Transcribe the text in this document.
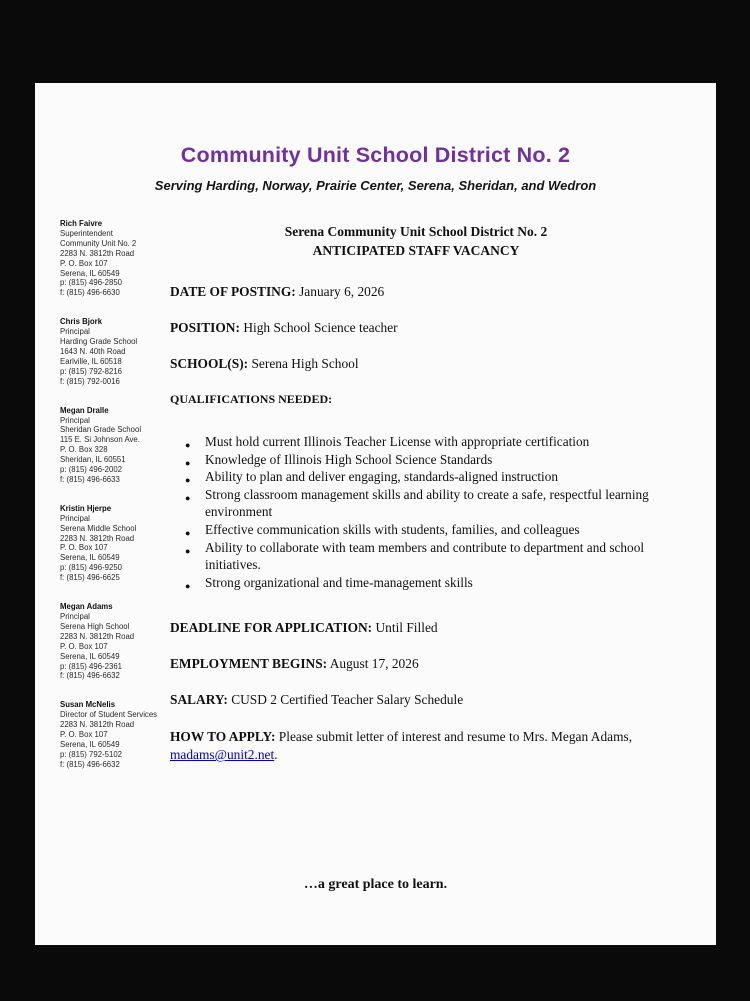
Community Unit School District No. 2
Serving Harding, Norway, Prairie Center, Serena, Sheridan, and Wedron
Rich Faivre
Superintendent
Community Unit No. 2
2283 N. 3812th Road
P. O. Box 107
Serena, IL 60549
p: (815) 496-2850
f: (815) 496-6630
Chris Bjork
Principal
Harding Grade School
1643 N. 40th Road
Earlville, IL 60518
p: (815) 792-8216
f: (815) 792-0016
Megan Dralle
Principal
Sheridan Grade School
115 E. Si Johnson Ave.
P. O. Box 328
Sheridan, IL 60551
p: (815) 496-2002
f: (815) 496-6633
Kristin Hjerpe
Principal
Serena Middle School
2283 N. 3812th Road
P. O. Box 107
Serena, IL 60549
p: (815) 496-9250
f: (815) 496-6625
Megan Adams
Principal
Serena High School
2283 N. 3812th Road
P. O. Box 107
Serena, IL 60549
p: (815) 496-2361
f: (815) 496-6632
Susan McNelis
Director of Student Services
2283 N. 3812th Road
P. O. Box 107
Serena, IL 60549
p: (815) 792-5102
f: (815) 496-6632
Serena Community Unit School District No. 2
ANTICIPATED STAFF VACANCY

DATE OF POSTING: January 6, 2026

POSITION: High School Science teacher

SCHOOL(S): Serena High School

QUALIFICATIONS NEEDED:
● Must hold current Illinois Teacher License with appropriate certification
● Knowledge of Illinois High School Science Standards
● Ability to plan and deliver engaging, standards-aligned instruction
● Strong classroom management skills and ability to create a safe, respectful learning environment
● Effective communication skills with students, families, and colleagues
● Ability to collaborate with team members and contribute to department and school initiatives.
● Strong organizational and time-management skills

DEADLINE FOR APPLICATION: Until Filled

EMPLOYMENT BEGINS: August 17, 2026

SALARY: CUSD 2 Certified Teacher Salary Schedule

HOW TO APPLY: Please submit letter of interest and resume to Mrs. Megan Adams, madams@unit2.net.

…a great place to learn.
